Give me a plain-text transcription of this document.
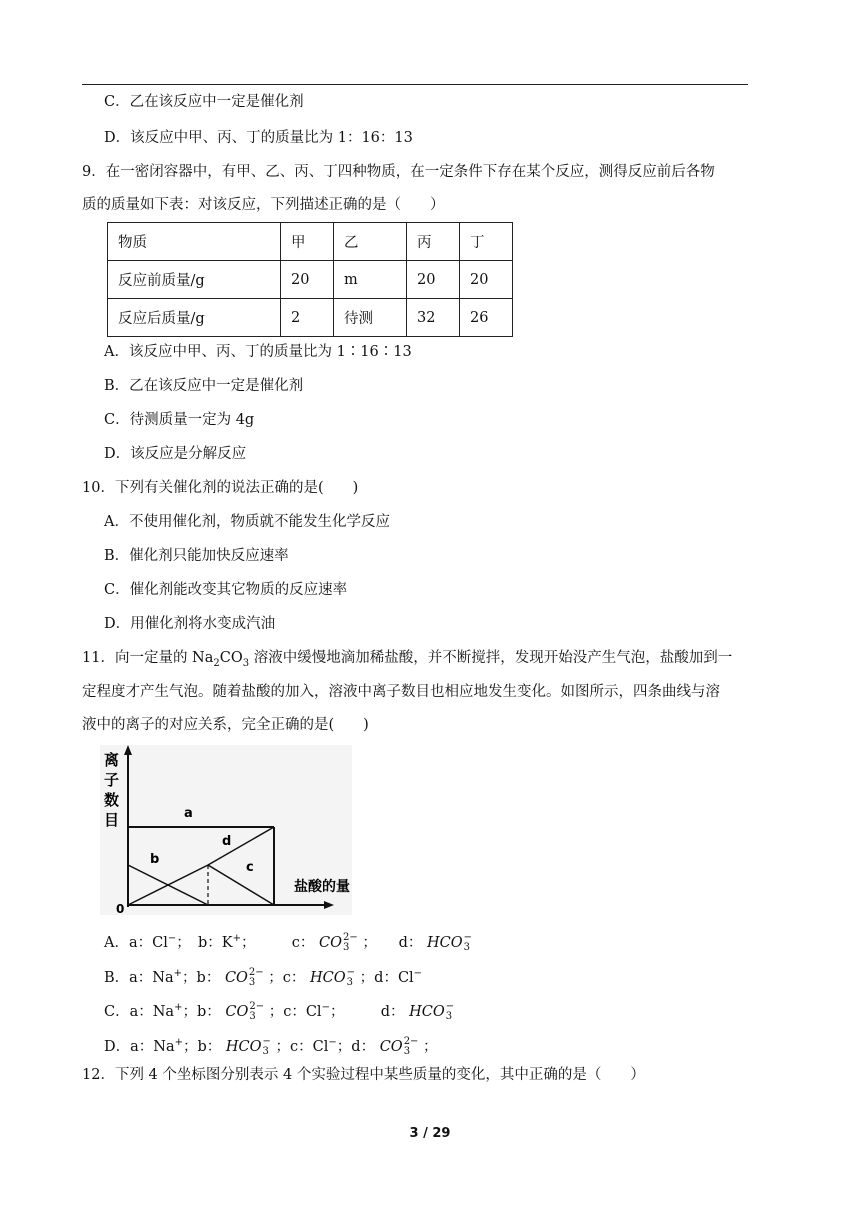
C．乙在该反应中一定是催化剂
D．该反应中甲、丙、丁的质量比为 1：16：13
9．在一密闭容器中，有甲、乙、丙、丁四种物质，在一定条件下存在某个反应，测得反应前后各物
质的质量如下表：对该反应，下列描述正确的是（　　）
物质	甲	乙	丙	丁
反应前质量/g	20	m	20	20
反应后质量/g	2	待测	32	26
A．该反应中甲、丙、丁的质量比为 1∶16∶13
B．乙在该反应中一定是催化剂
C．待测质量一定为 4g
D．该反应是分解反应
10．下列有关催化剂的说法正确的是(　　)
A．不使用催化剂，物质就不能发生化学反应
B．催化剂只能加快反应速率
C．催化剂能改变其它物质的反应速率
D．用催化剂将水变成汽油
11．向一定量的 $Na_2CO_3$ 溶液中缓慢地滴加稀盐酸，并不断搅拌，发现开始没产生气泡，盐酸加到一
定程度才产生气泡。随着盐酸的加入，溶液中离子数目也相应地发生变化。如图所示，四条曲线与溶
液中的离子的对应关系，完全正确的是(　　)
离
子
数
目
盐酸的量
0
a
b
c
d
A．a：Cl−；　b：K+；　　　c： CO 2−
3 ；　　d： HCO −
3
B．a：Na+；b： CO 2−
3 ；c： HCO −
3 ；d：Cl−
C．a：Na+；b： CO 2−
3 ；c：Cl−；　　　d： HCO −
3
D．a：Na+；b： HCO −
3 ；c：Cl−；d： CO 2−
3 ；
12．下列 4 个坐标图分别表示 4 个实验过程中某些质量的变化，其中正确的是（　　）
3 / 29
